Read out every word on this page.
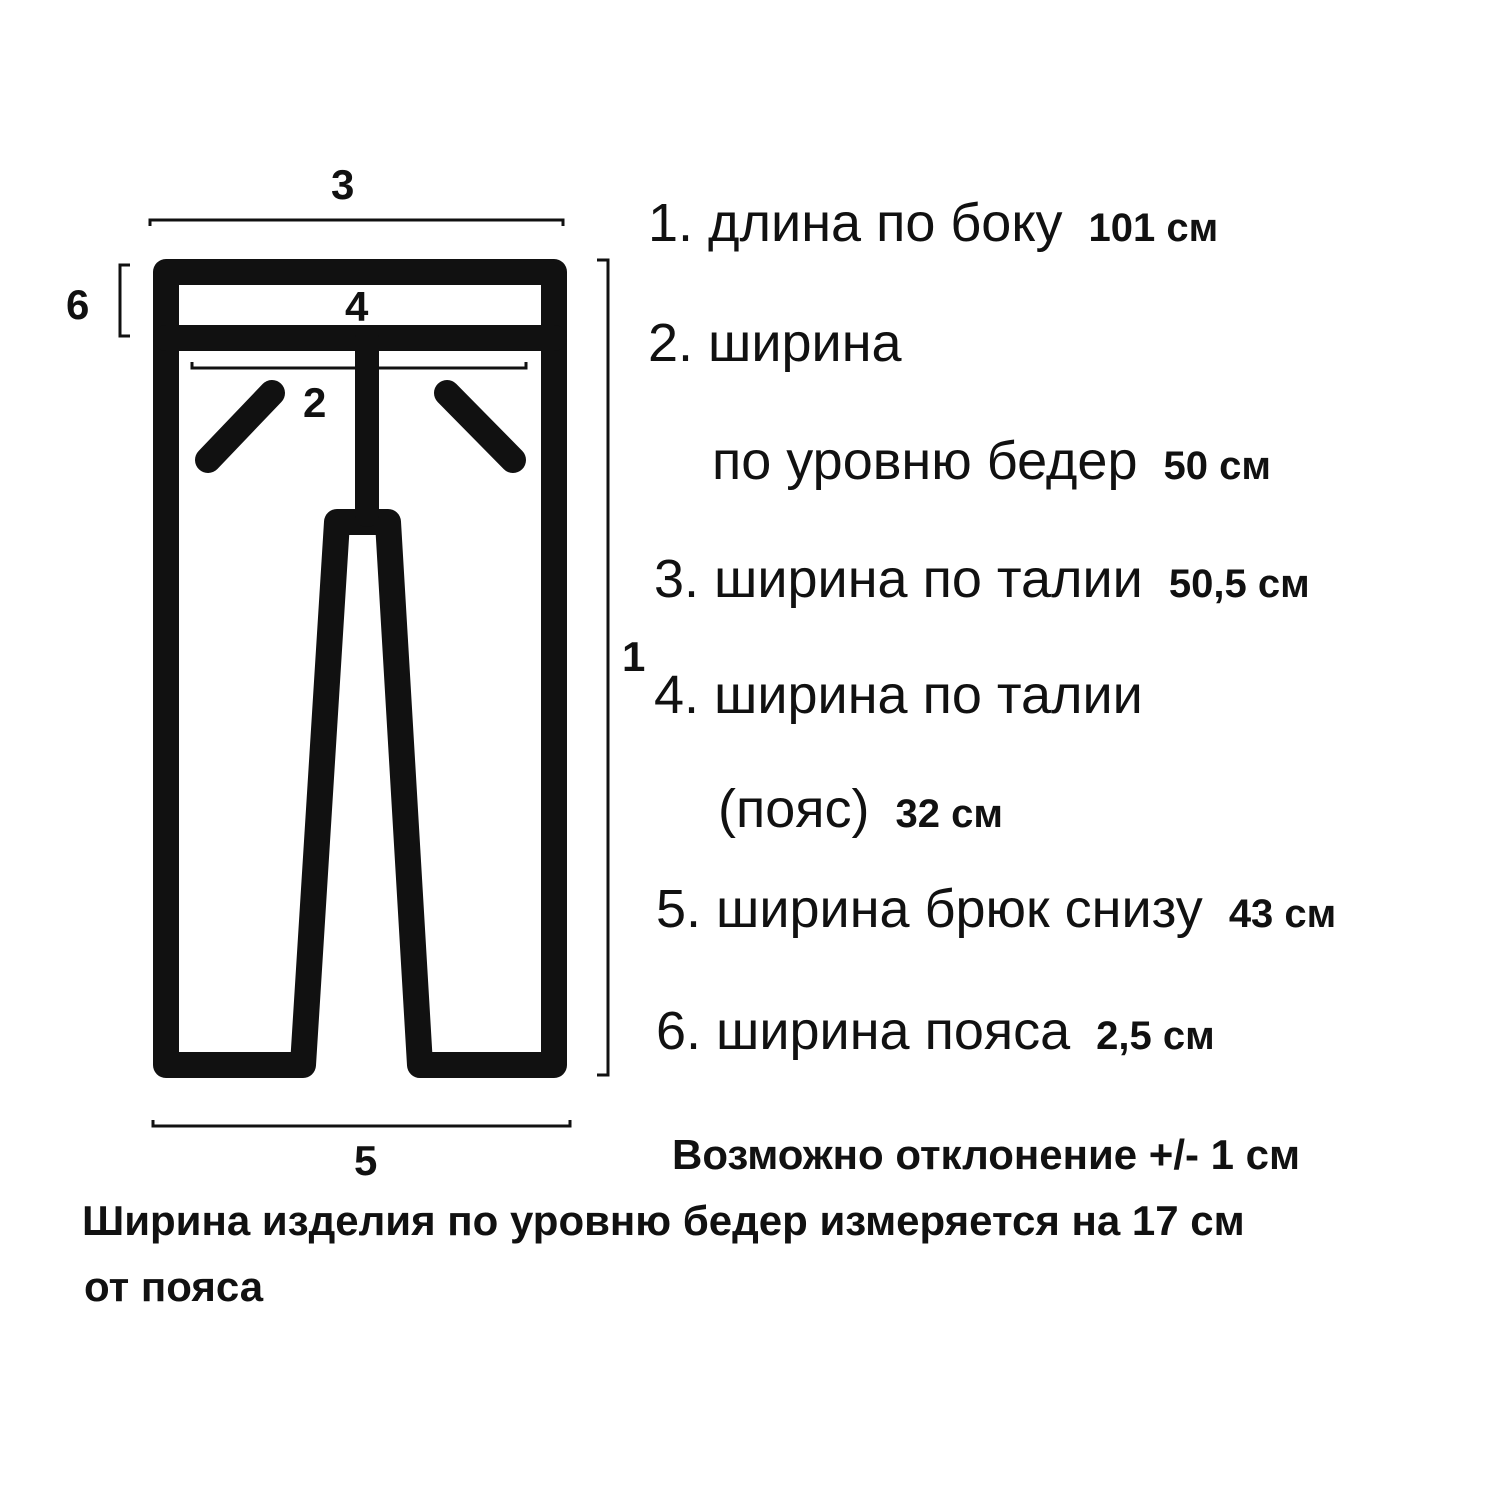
3
6	4
2
1
5
1. длина по боку 101 см
2. ширина
по уровню бедер 50 см
3. ширина по талии 50,5 см
4. ширина по талии
(пояс) 32 см
5. ширина брюк снизу 43 см
6. ширина пояса 2,5 см
Возможно отклонение +/- 1 см
Ширина изделия по уровню бедер измеряется на 17 см
от пояса
